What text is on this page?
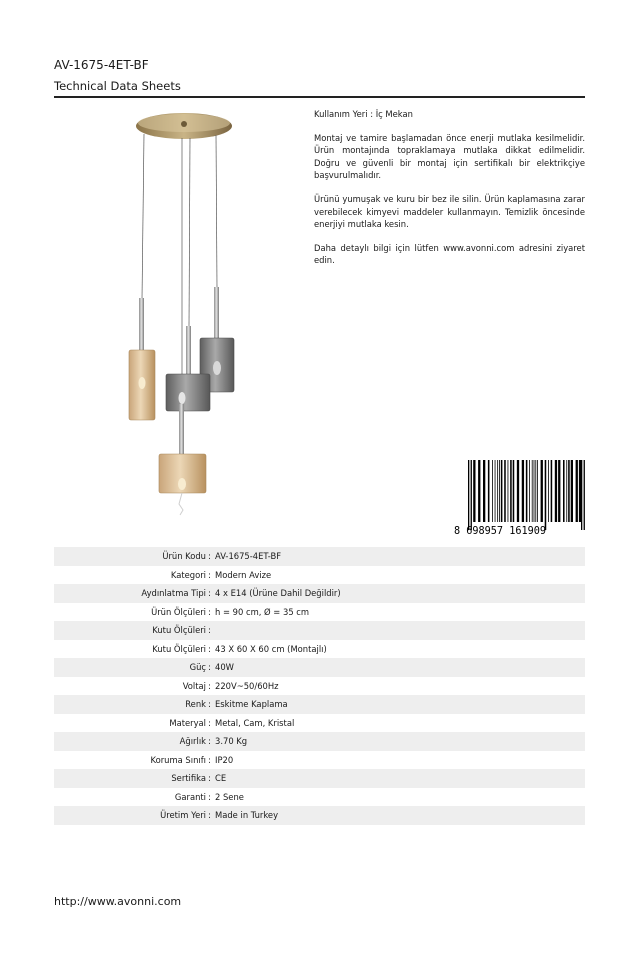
AV-1675-4ET-BF
Technical Data Sheets

Kullanım Yeri : İç Mekan

Montaj ve tamire başlamadan önce enerji mutlaka kesilmelidir. Ürün montajında topraklamaya mutlaka dikkat edilmelidir. Doğru ve güvenli bir montaj için sertifikalı bir elektrikçiye başvurulmalıdır.

Ürünü yumuşak ve kuru bir bez ile silin. Ürün kaplamasına zarar verebilecek kimyevi maddeler kullanmayın. Temizlik öncesinde enerjiyi mutlaka kesin.

Daha detaylı bilgi için lütfen www.avonni.com adresini ziyaret edin.

8 698957 161909
Ürün Kodu : AV-1675-4ET-BF
Kategori : Modern Avize
Aydınlatma Tipi : 4 x E14 (Ürüne Dahil Değildir)
Ürün Ölçüleri : h = 90 cm, Ø = 35 cm
Kutu Ölçüleri :
Kutu Ölçüleri : 43 X 60 X 60 cm (Montajlı)
Güç : 40W
Voltaj : 220V~50/60Hz
Renk : Eskitme Kaplama
Materyal : Metal, Cam, Kristal
Ağırlık : 3.70 Kg
Koruma Sınıfı : IP20
Sertifika : CE
Garanti : 2 Sene
Üretim Yeri : Made in Turkey
http://www.avonni.com
